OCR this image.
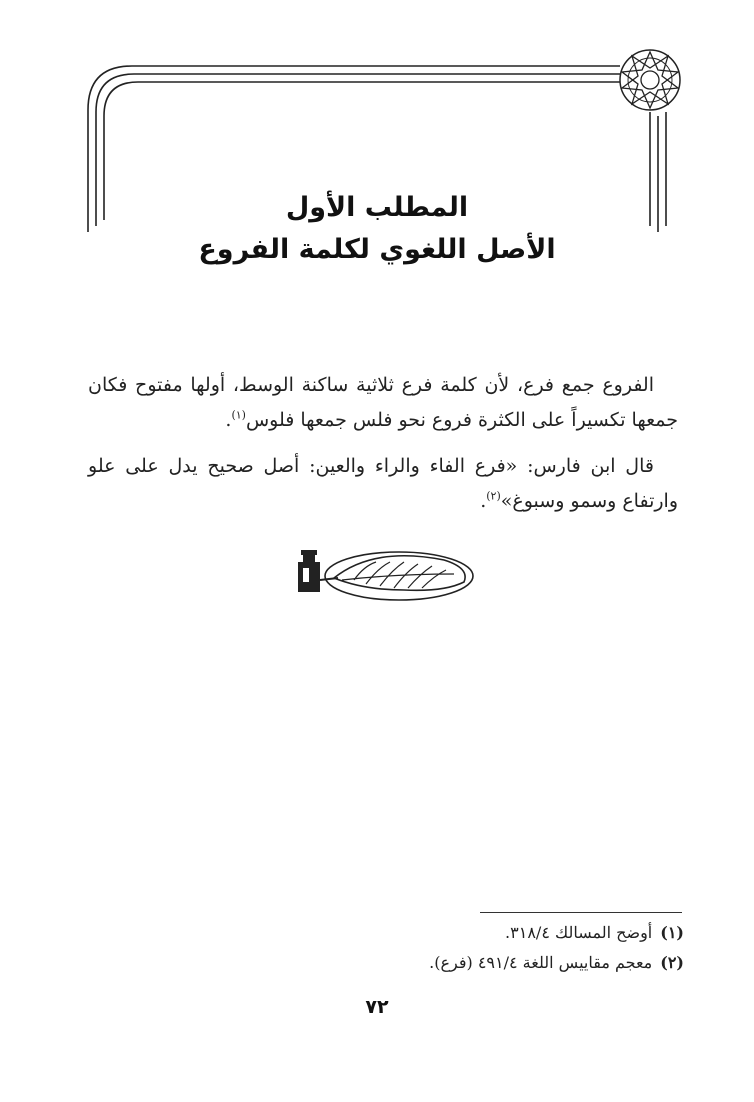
المطلب الأول
الأصل اللغوي لكلمة الفروع

الفروع جمع فرع، لأن كلمة فرع ثلاثية ساكنة الوسط، أولها مفتوح فكان جمعها تكسيراً على الكثرة فروع نحو فلس جمعها فلوس$^{(١)}$.

قال ابن فارس: «فرع الفاء والراء والعين: أصل صحيح يدل على علو وارتفاع وسمو وسبوغ»$^{(٢)}$.

(١)أوضح المسالك ٣١٨/٤.
(٢)معجم مقاييس اللغة ٤٩١/٤ (فرع).
٧٢
